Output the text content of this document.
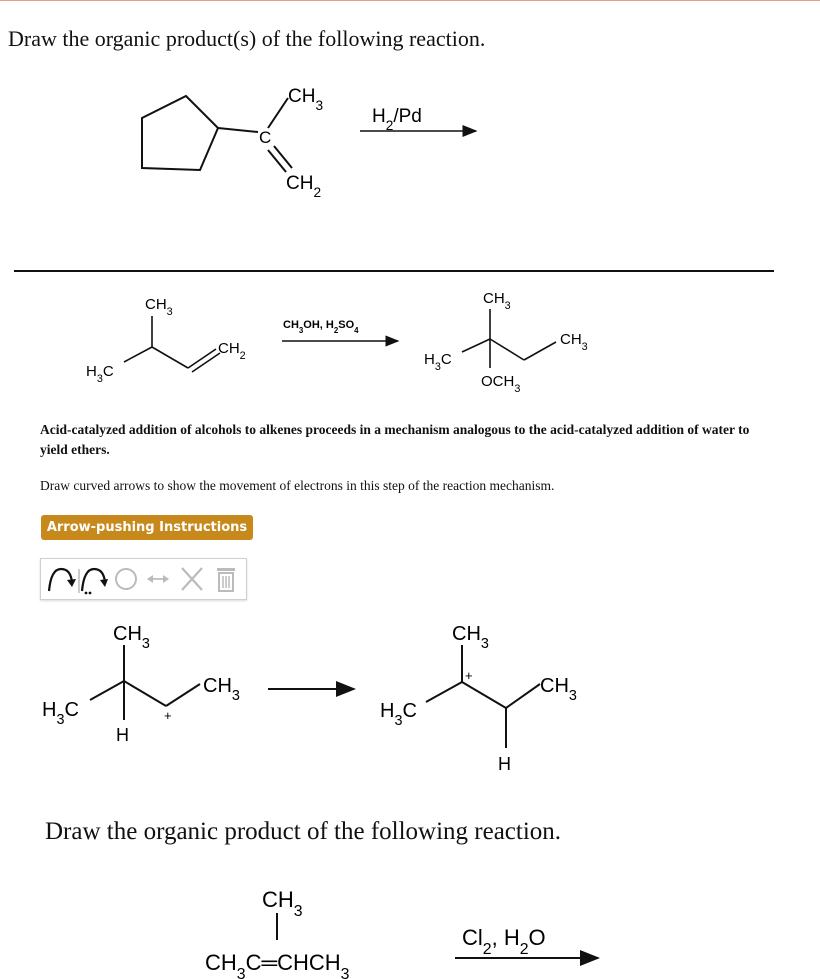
Draw the organic product(s) of the following reaction.
$CH_3$
C
$CH_2$
$H_2/Pd$
$CH_3$
$CH_2$
$H_3C$
$CH_3OH$, $H_2SO_4$
$CH_3$
$CH_3$
$H_3C$
$OCH_3$
$CH_3$
$CH_3$
$H_3C$
H
+
$CH_3$
$CH_3$
$H_3C$
H
+
$CH_3$
$CH_3C═CHCH_3$
$Cl_2$, $H_2O$
Acid-catalyzed addition of alcohols to alkenes proceeds in a mechanism analogous to the acid-catalyzed addition of water to yield ethers.
Draw curved arrows to show the movement of electrons in this step of the reaction mechanism.
Arrow-pushing Instructions
Draw the organic product of the following reaction.
